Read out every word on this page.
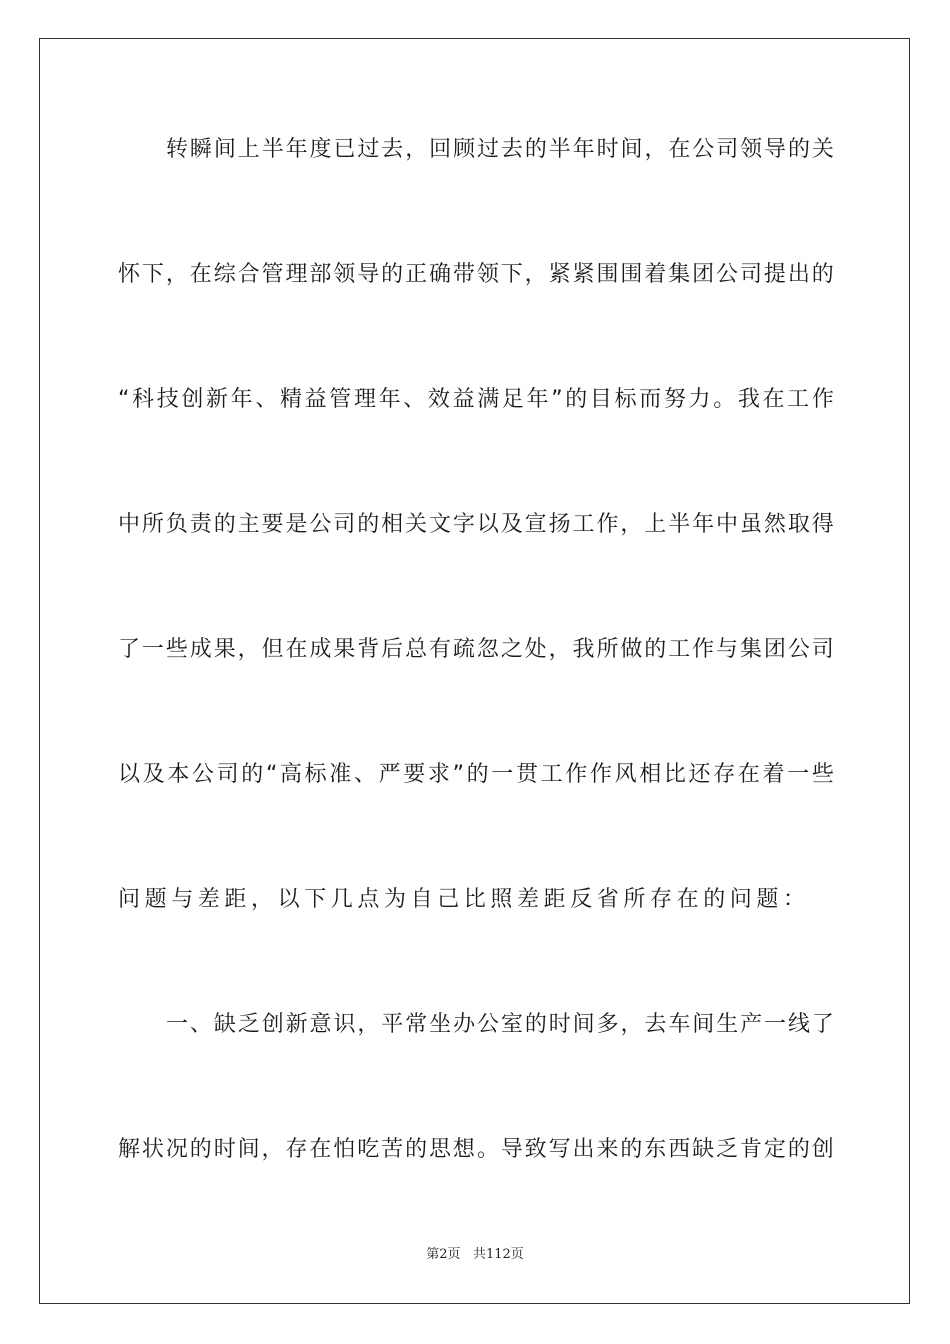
转 瞬 间 上 半 年 度 已 过 去 ， 回 顾 过 去 的 半 年 时 间 ， 在 公 司 领 导 的 关
怀 下 ， 在 综 合 管 理 部 领 导 的 正 确 带 领 下 ， 紧 紧 围 围 着 集 团 公 司 提 出 的
“ 科 技 创 新 年 、 精 益 管 理 年 、 效 益 满 足 年 ” 的 目 标 而 努 力 。 我 在 工 作
中 所 负 责 的 主 要 是 公 司 的 相 关 文 字 以 及 宣 扬 工 作 ， 上 半 年 中 虽 然 取 得
了 一 些 成 果 ， 但 在 成 果 背 后 总 有 疏 忽 之 处 ， 我 所 做 的 工 作 与 集 团 公 司
以 及 本 公 司 的 “ 高 标 准 、 严 要 求 ” 的 一 贯 工 作 作 风 相 比 还 存 在 着 一 些
问题与差距，以下几点为自己比照差距反省所存在的问题：
一 、 缺 乏 创 新 意 识 ， 平 常 坐 办 公 室 的 时 间 多 ， 去 车 间 生 产 一 线 了
解 状 况 的 时 间 ， 存 在 怕 吃 苦 的 思 想 。 导 致 写 出 来 的 东 西 缺 乏 肯 定 的 创
第2页 共112页
